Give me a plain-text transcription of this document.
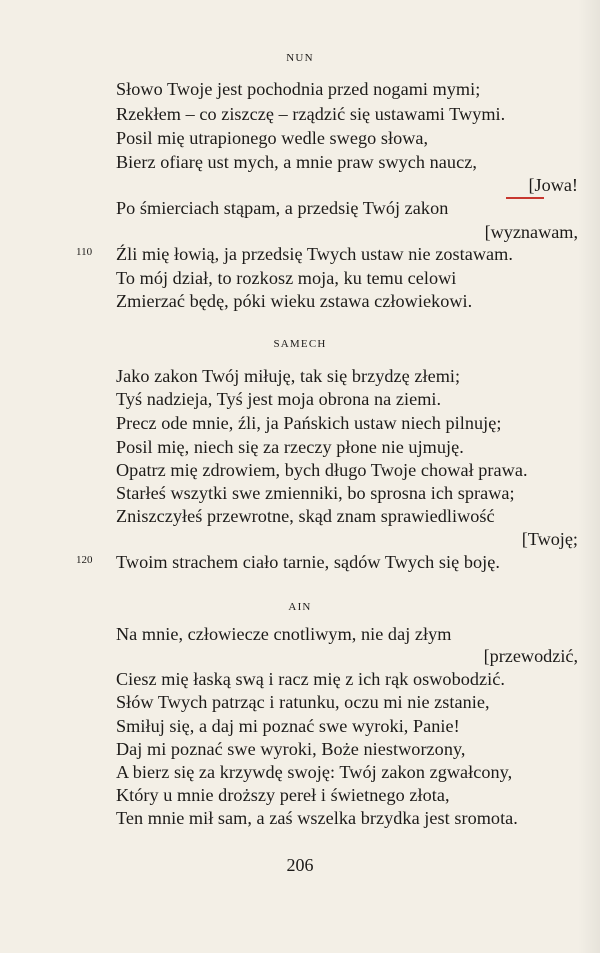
NUN
Słowo Twoje jest pochodnia przed nogami mymi;
Rzekłem – co ziszczę – rządzić się ustawami Twymi.
Posil mię utrapionego wedle swego słowa,
Bierz ofiarę ust mych, a mnie praw swych naucz,
[Jowa!
Po śmierciach stąpam, a przedsię Twój zakon
[wyznawam,
110 Źli mię łowią, ja przedsię Twych ustaw nie zostawam.
To mój dział, to rozkosz moja, ku temu celowi
Zmierzać będę, póki wieku zstawa człowiekowi.
SAMECH
Jako zakon Twój miłuję, tak się brzydzę złemi;
Tyś nadzieja, Tyś jest moja obrona na ziemi.
Precz ode mnie, źli, ja Pańskich ustaw niech pilnuję;
Posil mię, niech się za rzeczy płone nie ujmuję.
Opatrz mię zdrowiem, bych długo Twoje chował prawa.
Starłeś wszytki swe zmienniki, bo sprosna ich sprawa;
Zniszczyłeś przewrotne, skąd znam sprawiedliwość
[Twoję;
120 Twoim strachem ciało tarnie, sądów Twych się boję.
AIN
Na mnie, człowiecze cnotliwym, nie daj złym
[przewodzić,
Ciesz mię łaską swą i racz mię z ich rąk oswobodzić.
Słów Twych patrząc i ratunku, oczu mi nie zstanie,
Smiłuj się, a daj mi poznać swe wyroki, Panie!
Daj mi poznać swe wyroki, Boże niestworzony,
A bierz się za krzywdę swoję: Twój zakon zgwałcony,
Który u mnie droższy pereł i świetnego złota,
Ten mnie mił sam, a zaś wszelka brzydka jest sromota.
206
